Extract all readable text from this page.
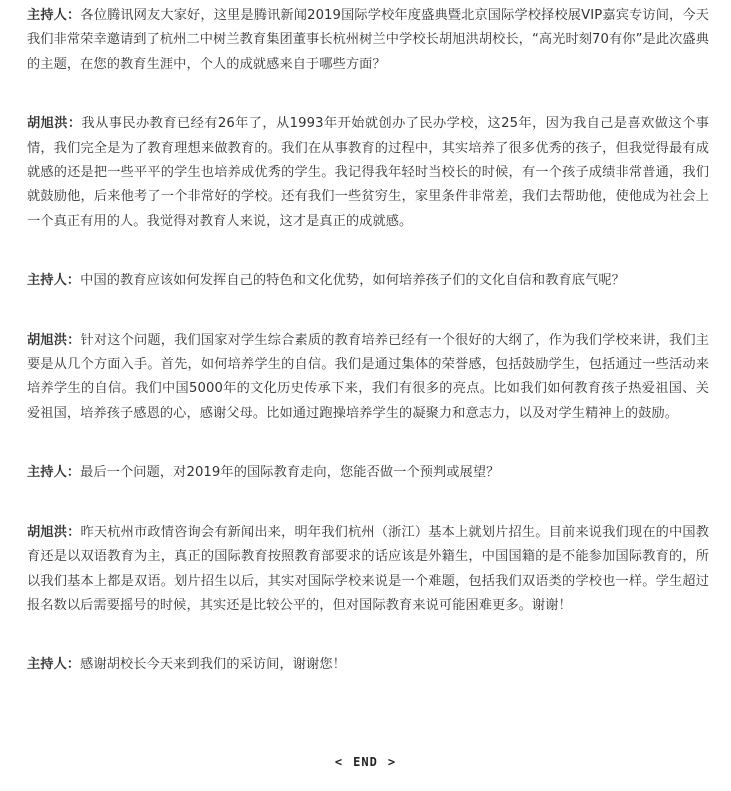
主持人：各位腾讯网友大家好，这里是腾讯新闻2019国际学校年度盛典暨北京国际学校择校展VIP嘉宾专访间，今天我们非常荣幸邀请到了杭州二中树兰教育集团董事长杭州树兰中学校长胡旭洪胡校长，“高光时刻70有你”是此次盛典的主题，在您的教育生涯中，个人的成就感来自于哪些方面？

胡旭洪：我从事民办教育已经有26年了，从1993年开始就创办了民办学校，这25年，因为我自己是喜欢做这个事情，我们完全是为了教育理想来做教育的。我们在从事教育的过程中，其实培养了很多优秀的孩子，但我觉得最有成就感的还是把一些平平的学生也培养成优秀的学生。我记得我年轻时当校长的时候，有一个孩子成绩非常普通，我们就鼓励他，后来他考了一个非常好的学校。还有我们一些贫穷生，家里条件非常差，我们去帮助他，使他成为社会上一个真正有用的人。我觉得对教育人来说，这才是真正的成就感。

主持人：中国的教育应该如何发挥自己的特色和文化优势，如何培养孩子们的文化自信和教育底气呢？

胡旭洪：针对这个问题，我们国家对学生综合素质的教育培养已经有一个很好的大纲了，作为我们学校来讲，我们主要是从几个方面入手。首先，如何培养学生的自信。我们是通过集体的荣誉感，包括鼓励学生，包括通过一些活动来培养学生的自信。我们中国5000年的文化历史传承下来，我们有很多的亮点。比如我们如何教育孩子热爱祖国、关爱祖国，培养孩子感恩的心，感谢父母。比如通过跑操培养学生的凝聚力和意志力，以及对学生精神上的鼓励。

主持人：最后一个问题，对2019年的国际教育走向，您能否做一个预判或展望？

胡旭洪：昨天杭州市政情咨询会有新闻出来，明年我们杭州（浙江）基本上就划片招生。目前来说我们现在的中国教育还是以双语教育为主，真正的国际教育按照教育部要求的话应该是外籍生，中国国籍的是不能参加国际教育的，所以我们基本上都是双语。划片招生以后，其实对国际学校来说是一个难题，包括我们双语类的学校也一样。学生超过报名数以后需要摇号的时候，其实还是比较公平的，但对国际教育来说可能困难更多。谢谢！

主持人：感谢胡校长今天来到我们的采访间，谢谢您！

< END >
